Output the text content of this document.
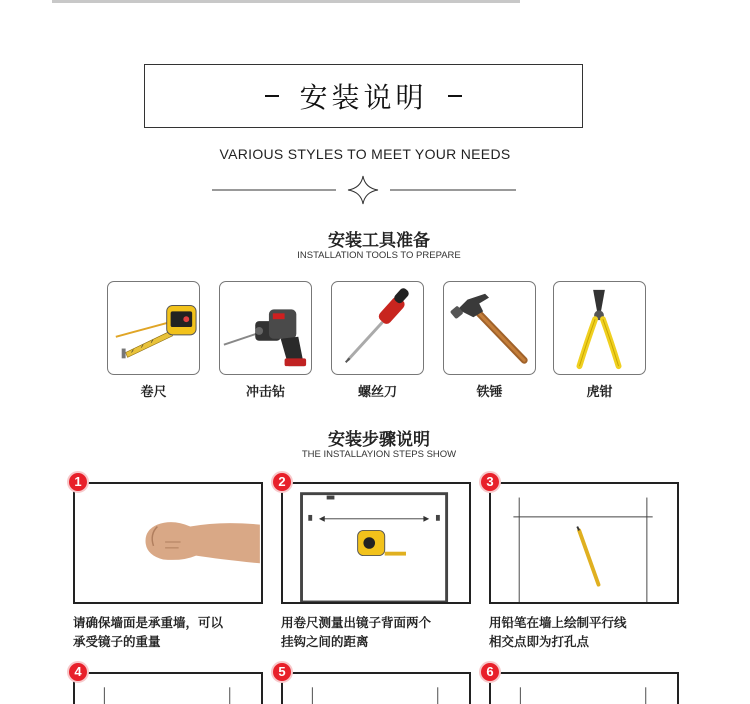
安装说明
VARIOUS STYLES TO MEET YOUR NEEDS
安装工具准备
INSTALLATION TOOLS TO PREPARE
卷尺	冲击钻	螺丝刀	铁锤	虎钳
安装步骤说明
THE INSTALLAYION STEPS SHOW
1
请确保墙面是承重墙，可以
承受镜子的重量
2
用卷尺测量出镜子背面两个
挂钩之间的距离
3
用铅笔在墙上绘制平行线
相交点即为打孔点
4	5	6
